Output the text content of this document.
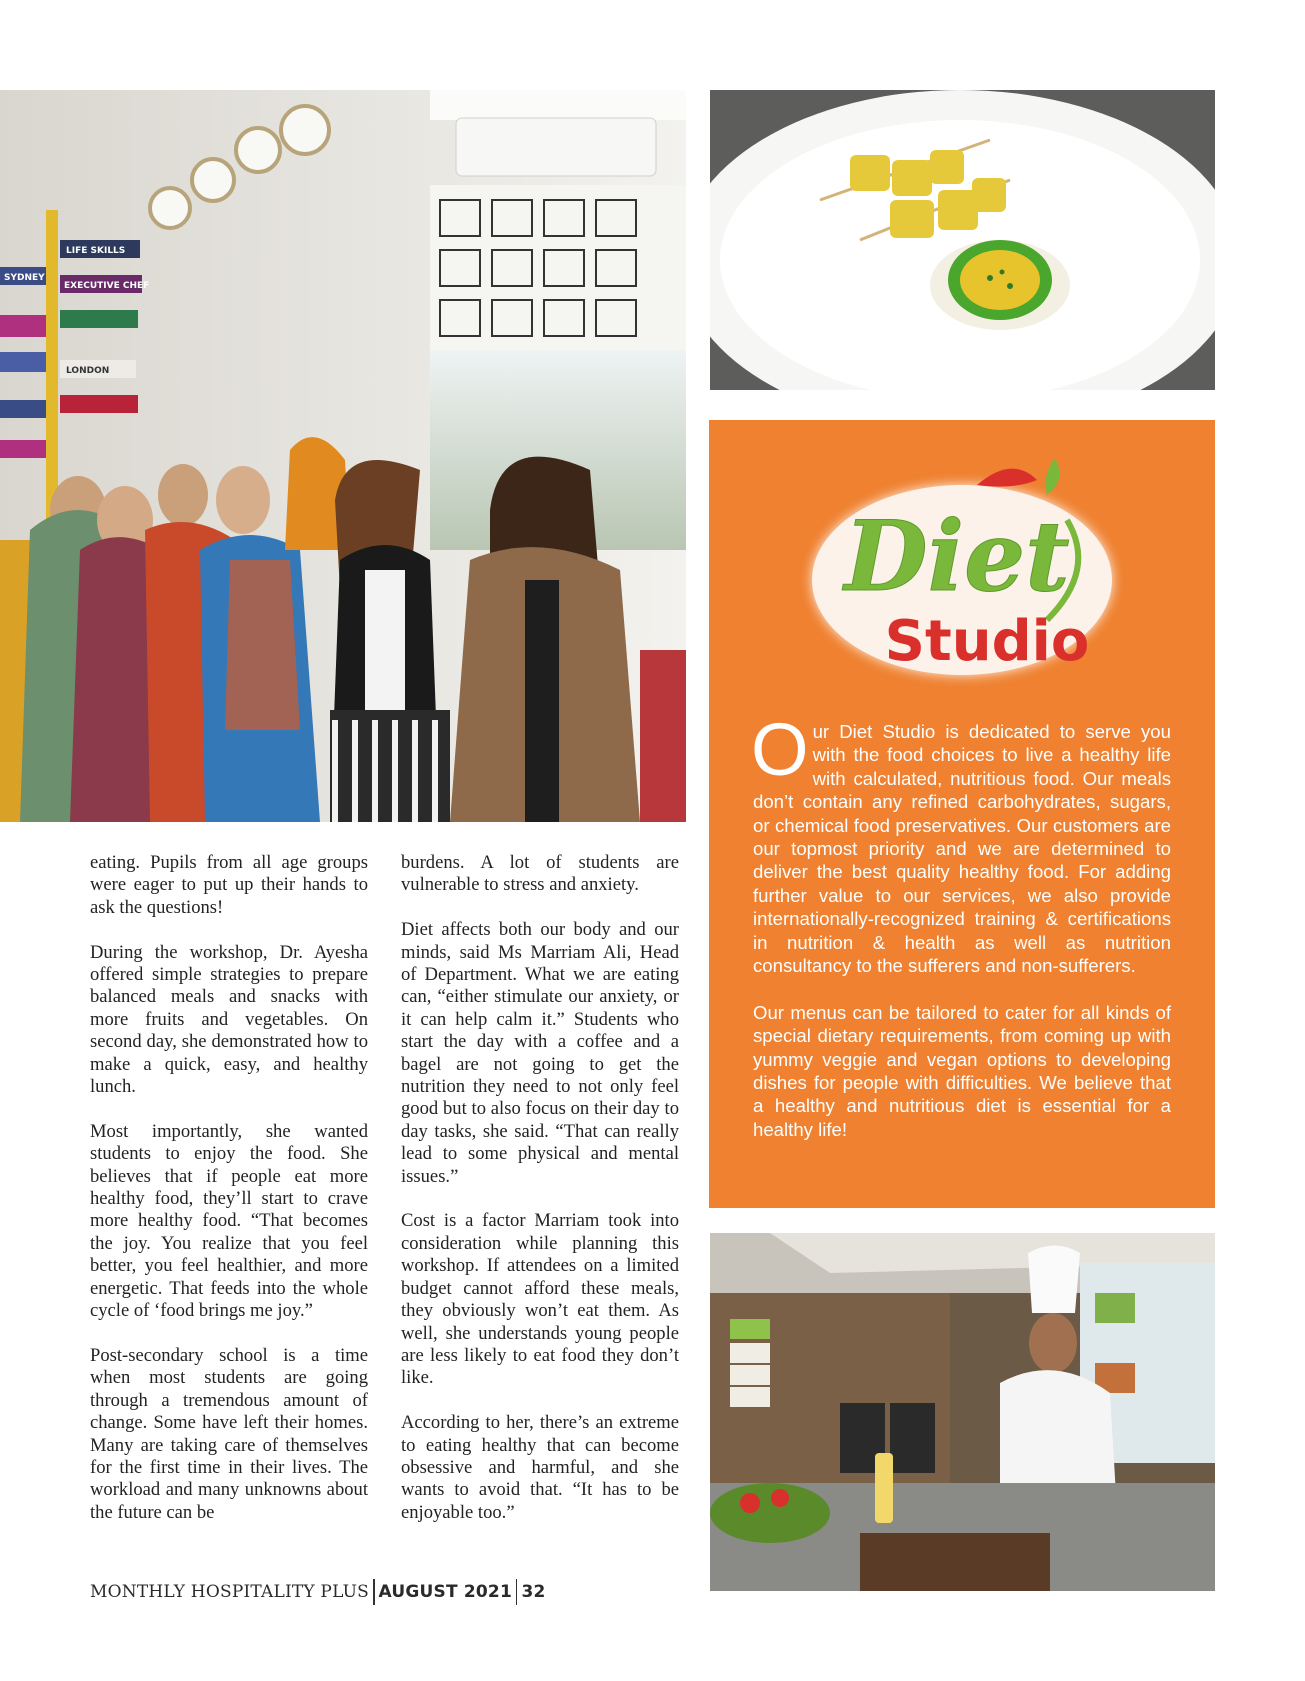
LIFE SKILLS
SYDNEY
EXECUTIVE CHEF
LONDON

eating. Pupils from all age groups were eager to put up their hands to ask the questions!

During the workshop, Dr. Ayesha offered simple strategies to prepare balanced meals and snacks with more fruits and vegetables. On second day, she demonstrated how to make a quick, easy, and healthy lunch.

Most importantly, she wanted students to enjoy the food. She believes that if people eat more healthy food, they’ll start to crave more healthy food. “That becomes the joy. You realize that you feel better, you feel healthier, and more energetic. That feeds into the whole cycle of ‘food brings me joy.”

Post-secondary school is a time when most students are going through a tremendous amount of change. Some have left their homes. Many are taking care of themselves for the first time in their lives. The workload and many unknowns about the future can be

burdens. A lot of students are vulnerable to stress and anxiety.

Diet affects both our body and our minds, said Ms Marriam Ali, Head of Department. What we are eating can, “either stimulate our anxiety, or it can help calm it.” Students who start the day with a coffee and a bagel are not going to get the nutrition they need to not only feel good but to also focus on their day to day tasks, she said. “That can really lead to some physical and mental issues.”

Cost is a factor Marriam took into consideration while planning this workshop. If attendees on a limited budget cannot afford these meals, they obviously won’t eat them. As well, she understands young people are less likely to eat food they don’t like.

According to her, there’s an extreme to eating healthy that can become obsessive and harmful, and she wants to avoid that. “It has to be enjoyable too.”

Diet
Studio

Our Diet Studio is dedicated to serve you with the food choices to live a healthy life with calculated, nutritious food. Our meals don’t contain any refined carbohydrates, sugars, or chemical food preservatives. Our customers are our topmost priority and we are determined to deliver the best quality healthy food. For adding further value to our services, we also provide internationally-recognized training & certifications in nutrition & health as well as nutrition consultancy to the sufferers and non-sufferers.

Our menus can be tailored to cater for all kinds of special dietary requirements, from coming up with yummy veggie and vegan options to developing dishes for people with difficulties. We believe that a healthy and nutritious diet is essential for a healthy life!

MONTHLY HOSPITALITY PLUS AUGUST 2021 32
